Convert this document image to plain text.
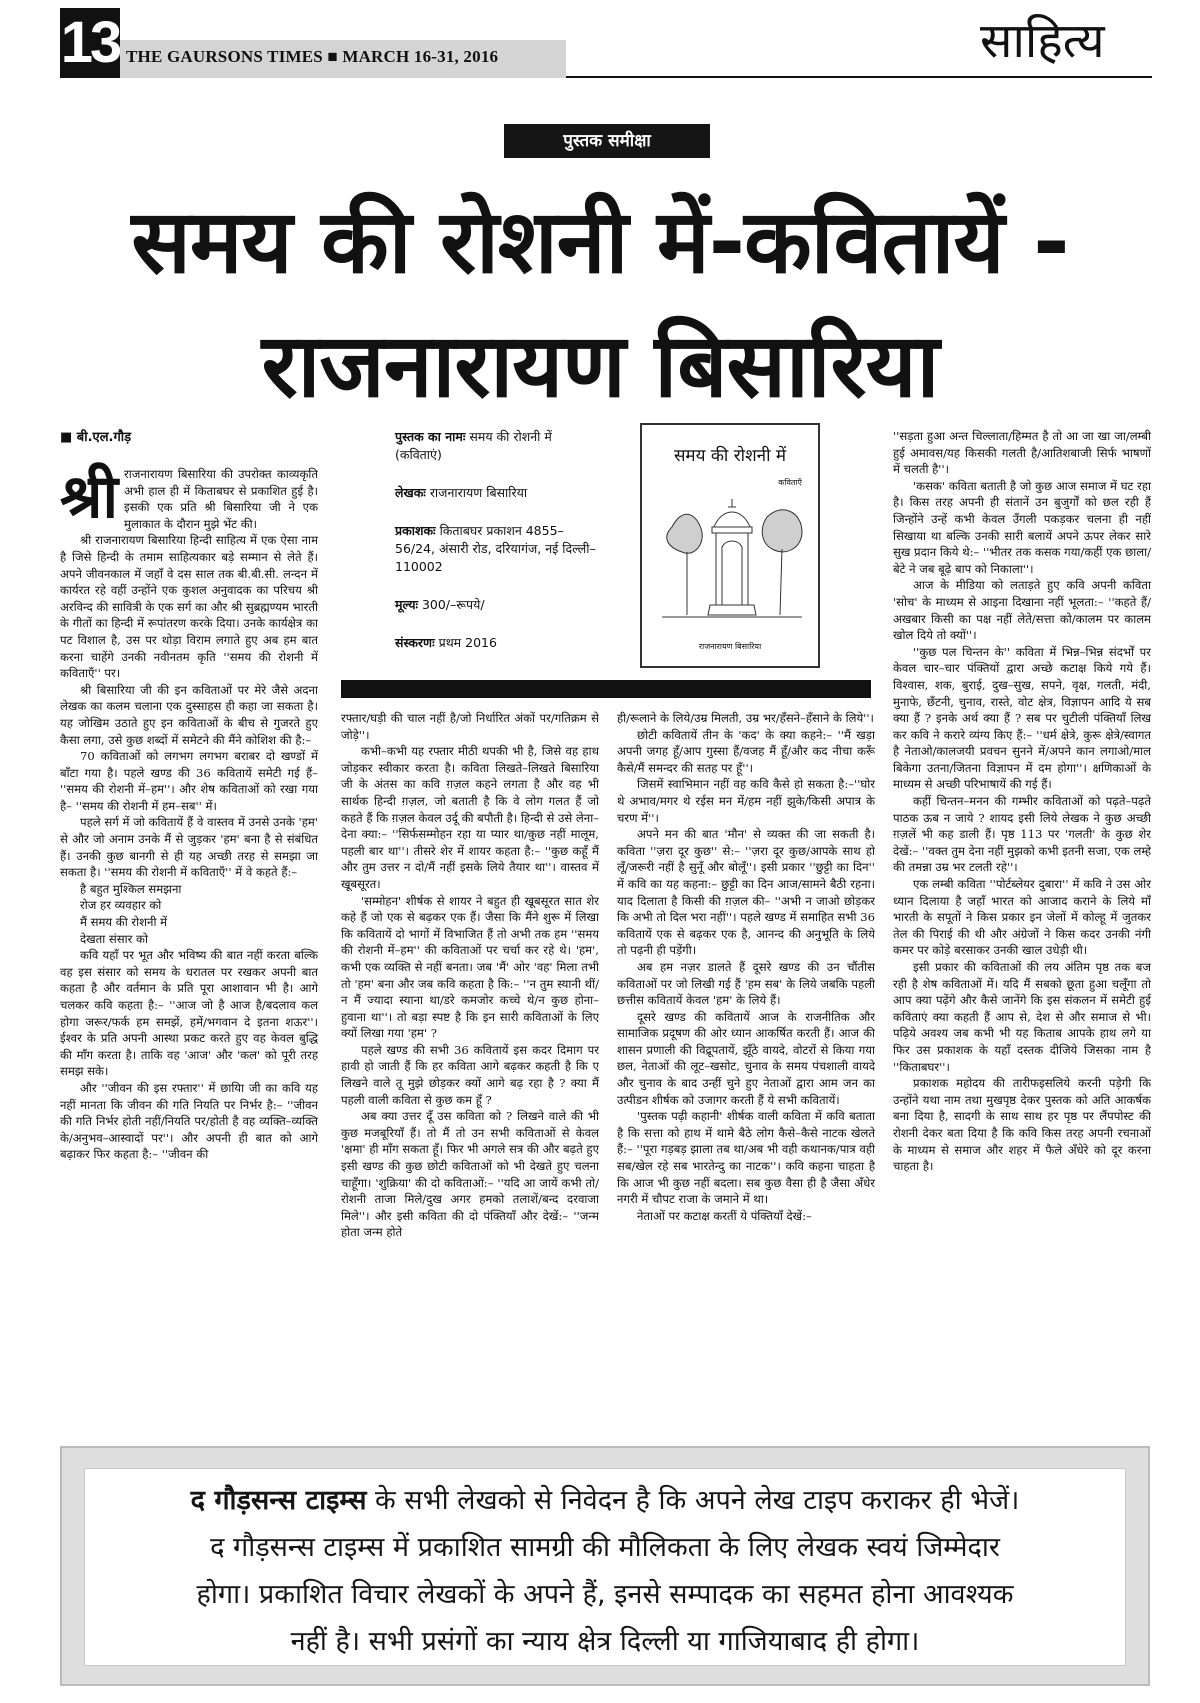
13 THE GAURSONS TIMES ■ MARCH 16-31, 2016	साहित्य
पुस्तक समीक्षा
समय की रोशनी में-कवितायें -
राजनारायण बिसारिया
■ बी.एल.गौड़

श्री राजनारायण बिसारिया की उपरोक्त काव्यकृति अभी हाल ही में किताबघर से प्रकाशित हुई है। इसकी एक प्रति श्री बिसारिया जी ने एक मुलाकात के दौरान मुझे भेंट की।

श्री राजनारायण बिसारिया हिन्दी साहित्य में एक ऐसा नाम है जिसे हिन्दी के तमाम साहित्यकार बड़े सम्मान से लेते हैं। अपने जीवनकाल में जहाँ वे दस साल तक बी.बी.सी. लन्दन में कार्यरत रहे वहीं उन्होंने एक कुशल अनुवादक का परिचय श्री अरविन्द की सावित्री के एक सर्ग का और श्री सुब्रह्मण्यम भारती के गीतों का हिन्दी में रूपांतरण करके दिया। उनके कार्यक्षेत्र का पट विशाल है, उस पर थोड़ा विराम लगाते हुए अब हम बात करना चाहेंगे उनकी नवीनतम कृति ''समय की रोशनी में कविताएँ'' पर।

श्री बिसारिया जी की इन कविताओं पर मेरे जैसे अदना लेखक का कलम चलाना एक दुस्साहस ही कहा जा सकता है। यह जोखिम उठाते हुए इन कविताओं के बीच से गुजरते हुए कैसा लगा, उसे कुछ शब्दों में समेटने की मैंने कोशिश की है:–

70 कविताओं को लगभग लगभग बराबर दो खण्डों में बाँटा गया है। पहले खण्ड की 36 कवितायें समेटी गई हैं– ''समय की रोशनी में–हम''। और शेष कविताओं को रखा गया है– ''समय की रोशनी में हम–सब'' में।

पहले सर्ग में जो कवितायें हैं वे वास्तव में उनसे उनके 'हम' से और जो अनाम उनके मैं से जुड़कर 'हम' बना है से संबंधित हैं। उनकी कुछ बानगी से ही यह अच्छी तरह से समझा जा सकता है। ''समय की रोशनी में कविताएँ'' में वे कहते हैं:–

है बहुत मुश्किल समझना

रोज हर व्यवहार को

मैं समय की रोशनी में

देखता संसार को

कवि यहाँ पर भूत और भविष्य की बात नहीं करता बल्कि वह इस संसार को समय के धरातल पर रखकर अपनी बात कहता है और वर्तमान के प्रति पूरा आशावान भी है। आगे चलकर कवि कहता है:– ''आज जो है आज है/बदलाव कल होगा जरूर/फर्क हम समझें, हमें/भगवान दे इतना शऊर''। ईश्वर के प्रति अपनी आस्था प्रकट करते हुए वह केवल बुद्धि की माँग करता है। ताकि वह 'आज' और 'कल' को पूरी तरह समझ सके।

और ''जीवन की इस रफ्तार'' में छायिा जी का कवि यह नहीं मानता कि जीवन की गति नियति पर निर्भर है:– ''जीवन की गति निर्भर होती नहीं/नियति पर/होती है वह व्यक्ति–व्यक्ति के/अनुभव–आस्वादों पर''। और अपनी ही बात को आगे बढ़ाकर फिर कहता है:– ''जीवन की

पुस्तक का नामः समय की रोशनी में (कविताएं)
लेखकः राजनारायण बिसारिया
प्रकाशकः किताबघर प्रकाशन 4855–56/24, अंसारी रोड, दरियागंज, नई दिल्ली–110002
मूल्यः 300/–रूपये/
संस्करणः प्रथम 2016
समय की रोशनी में
कविताएँ
राजनारायण बिसारिया

रफ्तार/घड़ी की चाल नहीं है/जो निर्धारित अंकों पर/गतिक्रम से जोड़े''।

कभी–कभी यह रफ्तार मीठी थपकी भी है, जिसे वह हाथ जोड़कर स्वीकार करता है। कविता लिखते–लिखते बिसारिया जी के अंतस का कवि ग़ज़ल कहने लगता है और वह भी सार्थक हिन्दी ग़ज़ल, जो बताती है कि वे लोग गलत हैं जो कहते हैं कि ग़ज़ल केवल उर्दू की बपौती है। हिन्दी से उसे लेना–देना क्या:– ''सिर्फसम्मोहन रहा या प्यार था/कुछ नहीं मालूम, पहली बार था''। तीसरे शेर में शायर कहता है:– ''कुछ कहूँ मैं और तुम उत्तर न दो/मैं नहीं इसके लिये तैयार था''। वास्तव में खूबसूरत।

'सम्मोहन' शीर्षक से शायर ने बहुत ही खूबसूरत सात शेर कहे हैं जो एक से बढ़कर एक हैं। जैसा कि मैंने शुरू में लिखा कि कवितायें दो भागों में विभाजित हैं तो अभी तक हम ''समय की रोशनी में–हम'' की कविताओं पर चर्चा कर रहे थे। 'हम', कभी एक व्यक्ति से नहीं बनता। जब 'मैं' ओर 'वह' मिला तभी तो 'हम' बना और जब कवि कहता है कि:– ''न तुम स्यानी थीं/न मैं ज्यादा स्याना था/डरे कमजोर कच्चे थे/न कुछ होना–हुवाना था''। तो बड़ा स्पष्ट है कि इन सारी कविताओं के लिए क्यों लिखा गया 'हम' ?

पहले खण्ड की सभी 36 कवितायें इस कदर दिमाग पर हावी हो जाती हैं कि हर कविता आगे बढ़कर कहती है कि ए लिखने वाले तू मुझे छोड़कर क्यों आगे बढ़ रहा है ? क्या मैं पहली वाली कविता से कुछ कम हूँ ?

अब क्या उत्तर दूँ उस कविता को ? लिखने वाले की भी कुछ मजबूरियाँ हैं। तो मैं तो उन सभी कविताओं से केवल 'क्षमा' ही माँग सकता हूँ। फिर भी अगले सत्र की और बढ़ते हुए इसी खण्ड की कुछ छोटी कविताओं को भी देखते हुए चलना चाहूँगा। 'शुक्रिया' की दो कविताओं:– ''यदि आ जायें कभी तो/रोशनी ताजा मिले/दुख अगर हमको तलाशें/बन्द दरवाजा मिले''। और इसी कविता की दो पंक्तियाँ और देखें:– ''जन्म होता जन्म होते

ही/रूलाने के लिये/उम्र मिलती, उम्र भर/हँसने–हँसाने के लिये''।

छोटी कवितायें तीन के 'कद' के क्या कहने:– ''मैं खड़ा अपनी जगह हूँ/आप गुस्सा हैं/वजह मैं हूँ/और कद नीचा करूँ कैसे/मैं समन्दर की सतह पर हूँ''।

जिसमें स्वाभिमान नहीं वह कवि कैसे हो सकता है:–''घोर थे अभाव/मगर थे रईस मन में/हम नहीं झुके/किसी अपात्र के चरण में''।

अपने मन की बात 'मौन' से व्यक्त की जा सकती है। कविता ''ज़रा दूर कुछ'' से:– ''ज़रा दूर कुछ/आपके साथ हो लूँ/जरूरी नहीं है सुनूँ और बोलूँ''। इसी प्रकार ''छुट्टी का दिन'' में कवि का यह कहना:– छुट्टी का दिन आज/सामने बैठी रहना। याद दिलाता है किसी की ग़ज़ल की– ''अभी न जाओ छोड़कर कि अभी तो दिल भरा नहीं''। पहले खण्ड में समाहित सभी 36 कवितायें एक से बढ़कर एक है, आनन्द की अनुभूति के लिये तो पढ़नी ही पड़ेंगी।

अब हम नज़र डालते हैं दूसरे खण्ड की उन चौंतीस कविताओं पर जो लिखी गई हैं 'हम सब' के लिये जबकि पहली छत्तीस कवितायें केवल 'हम' के लिये हैं।

दूसरे खण्ड की कवितायें आज के राजनीतिक और सामाजिक प्रदूषण की ओर ध्यान आकर्षित करती हैं। आज की शासन प्रणाली की विद्रूपतायें, झूँठे वायदे, वोटरों से किया गया छल, नेताओं की लूट–खसोट, चुनाव के समय पंचशाली वायदे और चुनाव के बाद उन्हीं चुने हुए नेताओं द्वारा आम जन का उत्पीडन शीर्षक को उजागर करती हैं ये सभी कवितायें।

'पुस्तक पढ़ी कहानी' शीर्षक वाली कविता में कवि बताता है कि सत्ता को हाथ में थामे बैठे लोग कैसे–कैसे नाटक खेलते हैं:– ''पूरा गड़बड़ झाला तब था/अब भी वही कथानक/पात्र वही सब/खेल रहे सब भारतेन्दु का नाटक''। कवि कहना चाहता है कि आज भी कुछ नहीं बदला। सब कुछ वैसा ही है जैसा अँधेर नगरी में चौपट राजा के जमाने में था।

नेताओं पर कटाक्ष करतीं ये पंक्तियाँ देखें:–

''सड़ता हुआ अन्त चिल्लाता/हिम्मत है तो आ जा खा जा/लम्बी हुई अमावस/यह किसकी गलती है/आतिशबाजी सिर्फ भाषणों में चलती है''।

'कसक' कविता बताती है जो कुछ आज समाज में घट रहा है। किस तरह अपनी ही संतानें उन बुजुर्गों को छल रही हैं जिन्होंने उन्हें कभी केवल उँगली पकड़कर चलना ही नहीं सिखाया था बल्कि उनकी सारी बलायें अपने ऊपर लेकर सारे सुख प्रदान किये थे:– ''भीतर तक कसक गया/कहीं एक छाला/ बेटे ने जब बूढ़े बाप को निकाला''।

आज के मीडिया को लताड़ते हुए कवि अपनी कविता 'सोच' के माध्यम से आइना दिखाना नहीं भूलता:– ''कहते हैं/अखबार किसी का पक्ष नहीं लेते/सत्ता को/कालम पर कालम खोल दिये तो क्यों''।

''कुछ पल चिन्तन के'' कविता में भिन्न–भिन्न संदर्भों पर केवल चार–चार पंक्तियों द्वारा अच्छे कटाक्ष किये गये हैं। विश्वास, शक, बुराई, दुख–सुख, सपने, वृक्ष, गलती, मंदी, मुनाफे, छँटनी, चुनाव, रास्ते, वोट क्षेत्र, विज्ञापन आदि ये सब क्या हैं ? इनके अर्थ क्या हैं ? सब पर चुटीली पंक्तियाँ लिख कर कवि ने करारे व्यंग्य किए हैं:– ''धर्म क्षेत्रे, कुरू क्षेत्रे/स्वागत है नेताओ/कालजयी प्रवचन सुनने में/अपने कान लगाओ/माल बिकेगा उतना/जितना विज्ञापन में दम होगा''। क्षणिकाओं के माध्यम से अच्छी परिभाषायें की गई हैं।

कहीं चिन्तन–मनन की गम्भीर कविताओं को पढ़ते–पढ़ते पाठक ऊब न जाये ? शायद इसी लिये लेखक ने कुछ अच्छी ग़ज़लें भी कह डाली हैं। पृष्ठ 113 पर 'गलती' के कुछ शेर देखें:– ''वक्त तुम देना नहीं मुझको कभी इतनी सजा, एक लम्हे की तमन्ना उम्र भर टलती रहे''।

एक लम्बी कविता ''पोर्टब्लेयर दुबारा'' में कवि ने उस ओर ध्यान दिलाया है जहाँ भारत को आजाद कराने के लिये माँ भारती के सपूतों ने किस प्रकार इन जेलों में कोल्हू में जुतकर तेल की पिराई की थी और अंग्रेजों ने किस कदर उनकी नंगी कमर पर कोड़े बरसाकर उनकी खाल उधेड़ी थी।

इसी प्रकार की कविताओं की लय अंतिम पृष्ठ तक बज रही है शेष कविताओं में। यदि मैं सबको छूता हुआ चलूँगा तो आप क्या पढ़ेंगे और कैसे जानेंगे कि इस संकलन में समेटी हुई कविताएं क्या कहती हैं आप से, देश से और समाज से भी। पढ़िये अवश्य जब कभी भी यह किताब आपके हाथ लगे या फिर उस प्रकाशक के यहाँ दस्तक दीजिये जिसका नाम है ''किताबघर''।

प्रकाशक महोदय की तारीफइसलिये करनी पड़ेगी कि उन्होंने यथा नाम तथा मुखपृष्ठ देकर पुस्तक को अति आकर्षक बना दिया है, सादगी के साथ साथ हर पृष्ठ पर लैंपपोस्ट की रोशनी देकर बता दिया है कि कवि किस तरह अपनी रचनाओं के माध्यम से समाज और शहर में फैले अँधेरे को दूर करना चाहता है।

द गौड़सन्स टाइम्स के सभी लेखको से निवेदन है कि अपने लेख टाइप कराकर ही भेजें।
द गौड़सन्स टाइम्स में प्रकाशित सामग्री की मौलिकता के लिए लेखक स्वयं जिम्मेदार
होगा। प्रकाशित विचार लेखकों के अपने हैं, इनसे सम्पादक का सहमत होना आवश्यक
नहीं है। सभी प्रसंगों का न्याय क्षेत्र दिल्ली या गाजियाबाद ही होगा।
